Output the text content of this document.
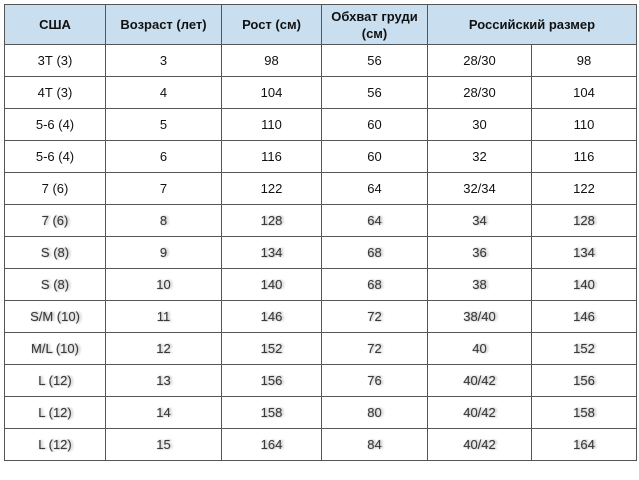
США	Возраст (лет)	Рост (см)	Обхват груди (см)	Российский размер	
3Т (3)	3	98	56	28/30	98
4Т (3)	4	104	56	28/30	104
5-6 (4)	5	110	60	30	110
5-6 (4)	6	116	60	32	116
7 (6)	7	122	64	32/34	122
7 (6)	8	128	64	34	128
S (8)	9	134	68	36	134
S (8)	10	140	68	38	140
S/M (10)	11	146	72	38/40	146
M/L (10)	12	152	72	40	152
L (12)	13	156	76	40/42	156
L (12)	14	158	80	40/42	158
L (12)	15	164	84	40/42	164
